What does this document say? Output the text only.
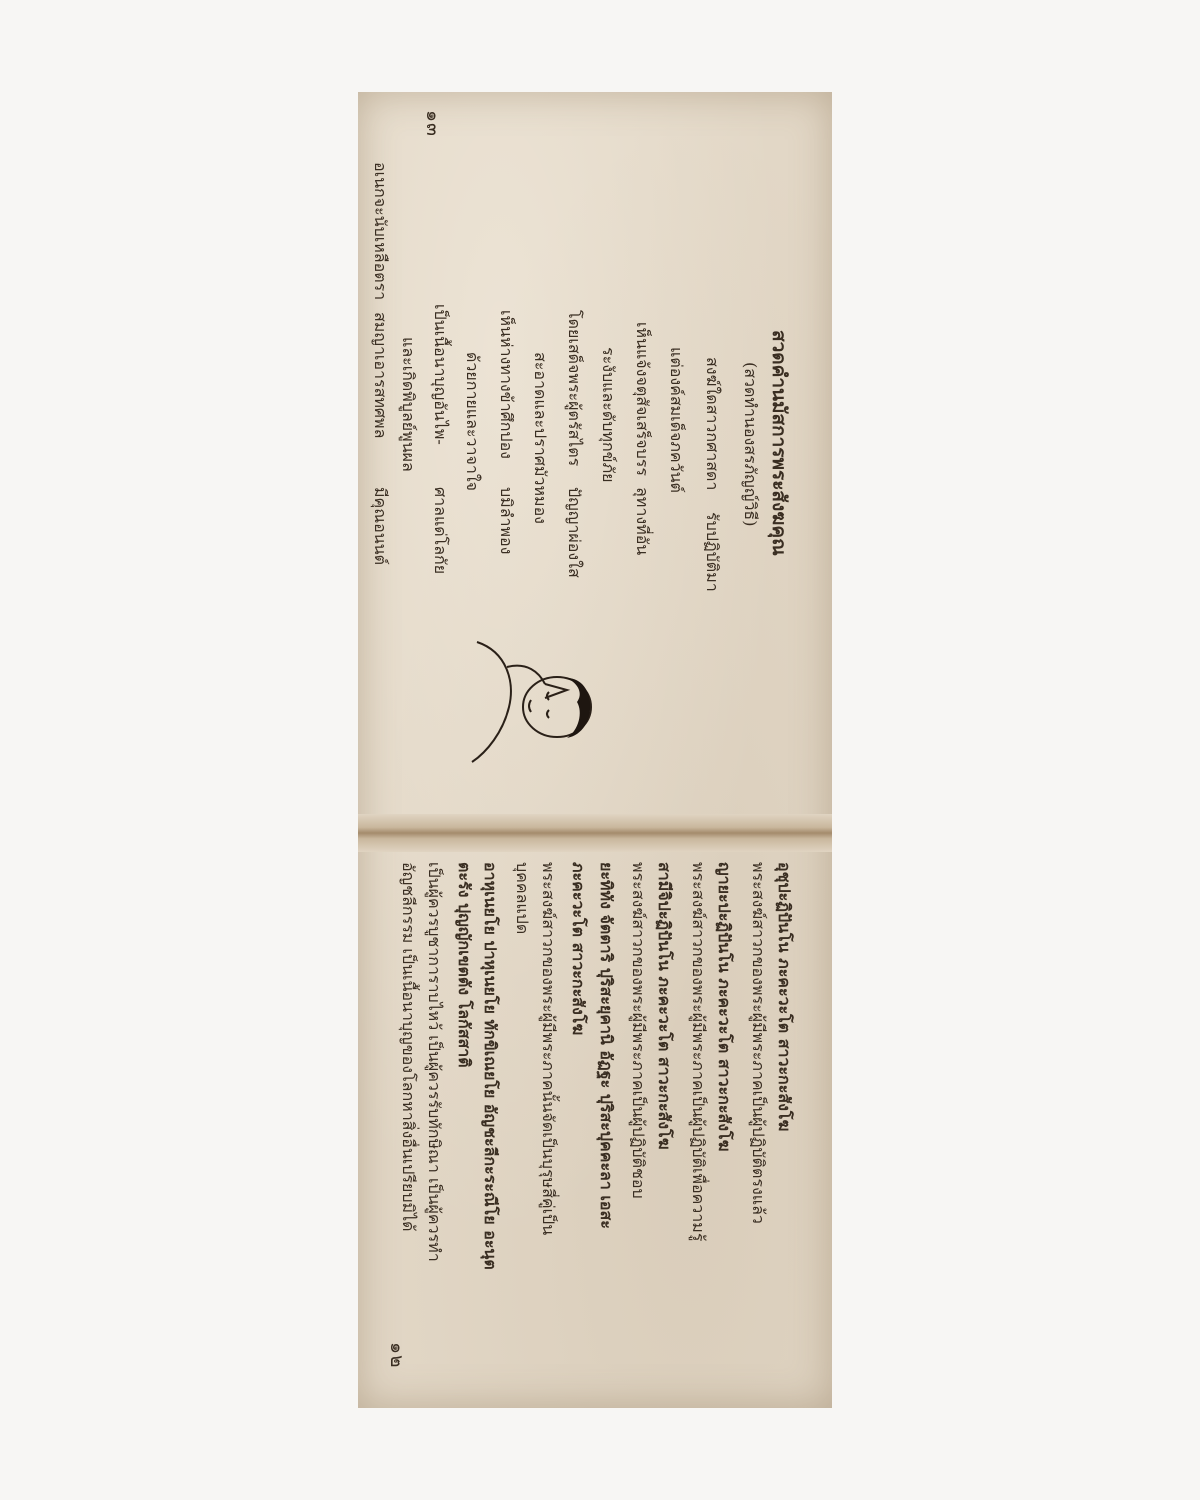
๑๓
สวดคำนมัสการพระสังฆคุณ
(สวดทำนองสรภัญญ์วิธี)
สงฆ์ใดสาวกศาสดา
รับปฏิบัติมา
แต่องค์สมเด็จภควันต์
เห็นแจ้งจตุสัจเสร็จบรร
ลุทางที่อัน
ระงับและดับทุกข์ภัย
โดยเสด็จพระผู้ตรัสไตร
ปัญญาผ่องใส
สะอาดและปราศมัวหมอง
เห็นห่างทางข้าศึกปอง
บมิลำพอง
ด้วยกายและวาจาใจ
เป็นเนื้อนาบุญอันไพ-
ศาลแด่โลกัย
และเกิดพิบูลย์พูนผล
สมญาเอารสทศพล
มีคุณอนนต์
อเนกจะนับเหลือตรา
๑๒
อุชุปะฏิปันโน ภะคะวะโต สาวะกะสังโฆ
พระสงฆ์สาวกของพระผู้มีพระภาคเป็นผู้ปฏิบัติตรงแล้ว
ญายะปะฏิปันโน ภะคะวะโต สาวะกะสังโฆ
พระสงฆ์สาวกของพระผู้มีพระภาคเป็นผู้ปฏิบัติเพื่อความรู้
สามีจิปะฏิปันโน ภะคะวะโต สาวะกะสังโฆ
พระสงฆ์สาวกของพระผู้มีพระภาคเป็นผู้ปฏิบัติชอบ
ยะทิทัง จัตตาริ ปุริสะยุคานิ อัฏฐะ ปุริสะปุคคะลา เอสะ
ภะคะวะโต สาวะกะสังโฆ
พระสงฆ์สาวกของพระผู้มีพระภาคนั้นจัดเป็นบุรุษสี่คู่เป็น
บุคคลแปด
อาหุเนยโย ปาหุเนยโย ทักขิเณยโย อัญชะลีกะระณีโย อะนุต
ตะรัง ปุญญักเขตตัง โลกัสสาติ
เป็นผู้ควรบูชาการาบไหว้ เป็นผู้ควรรับทักษิณา เป็นผู้ควรทำ
อัญชลีกรรม เป็นเนื้อนาบุญของโลกหาสิ่งอื่นเปรียบมิได้
